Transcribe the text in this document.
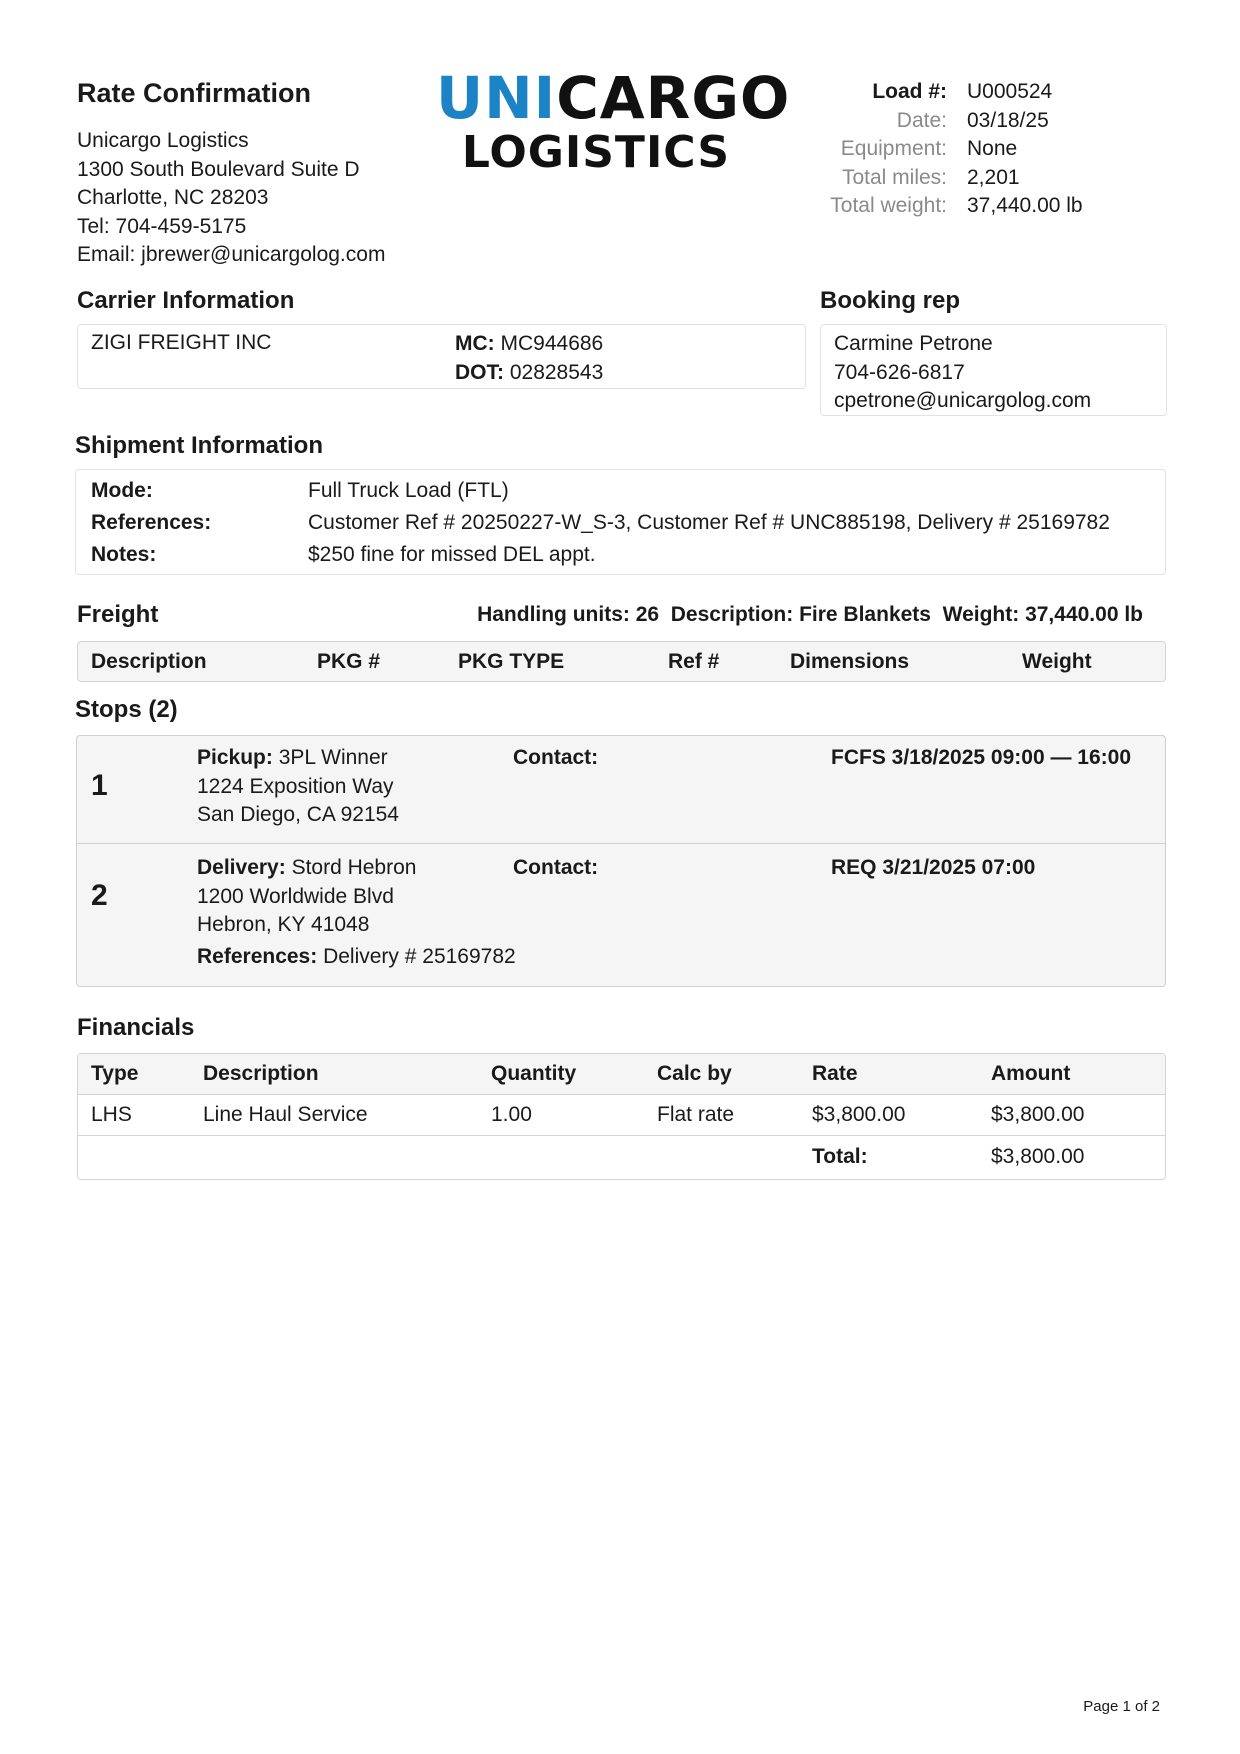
Rate Confirmation
Unicargo Logistics
1300 South Boulevard Suite D
Charlotte, NC 28203
Tel: 704-459-5175
Email: jbrewer@unicargolog.com
UNICARGO
LOGISTICS
Load #: U000524
Date: 03/18/25
Equipment: None
Total miles: 2,201
Total weight: 37,440.00 lb
Carrier Information
ZIGI FREIGHT INC	MC: MC944686
DOT: 02828543
Booking rep
Carmine Petrone
704-626-6817
cpetrone@unicargolog.com
Shipment Information
Mode:	Full Truck Load (FTL)
References:	Customer Ref # 20250227-W_S-3, Customer Ref # UNC885198, Delivery # 25169782
Notes:	$250 fine for missed DEL appt.
Freight	Handling units: 26  Description: Fire Blankets  Weight: 37,440.00 lb
Description	PKG #	PKG TYPE	Ref #	Dimensions	Weight
Stops (2)
1
Pickup: 3PL Winner
1224 Exposition Way
San Diego, CA 92154
Contact:	FCFS 3/18/2025 09:00 — 16:00
2
Delivery: Stord Hebron
1200 Worldwide Blvd
Hebron, KY 41048
References: Delivery # 25169782
Contact:	REQ 3/21/2025 07:00
Financials
Type	Description	Quantity	Calc by	Rate	Amount
LHS	Line Haul Service	1.00	Flat rate	$3,800.00	$3,800.00
Total:	$3,800.00
Page 1 of 2
